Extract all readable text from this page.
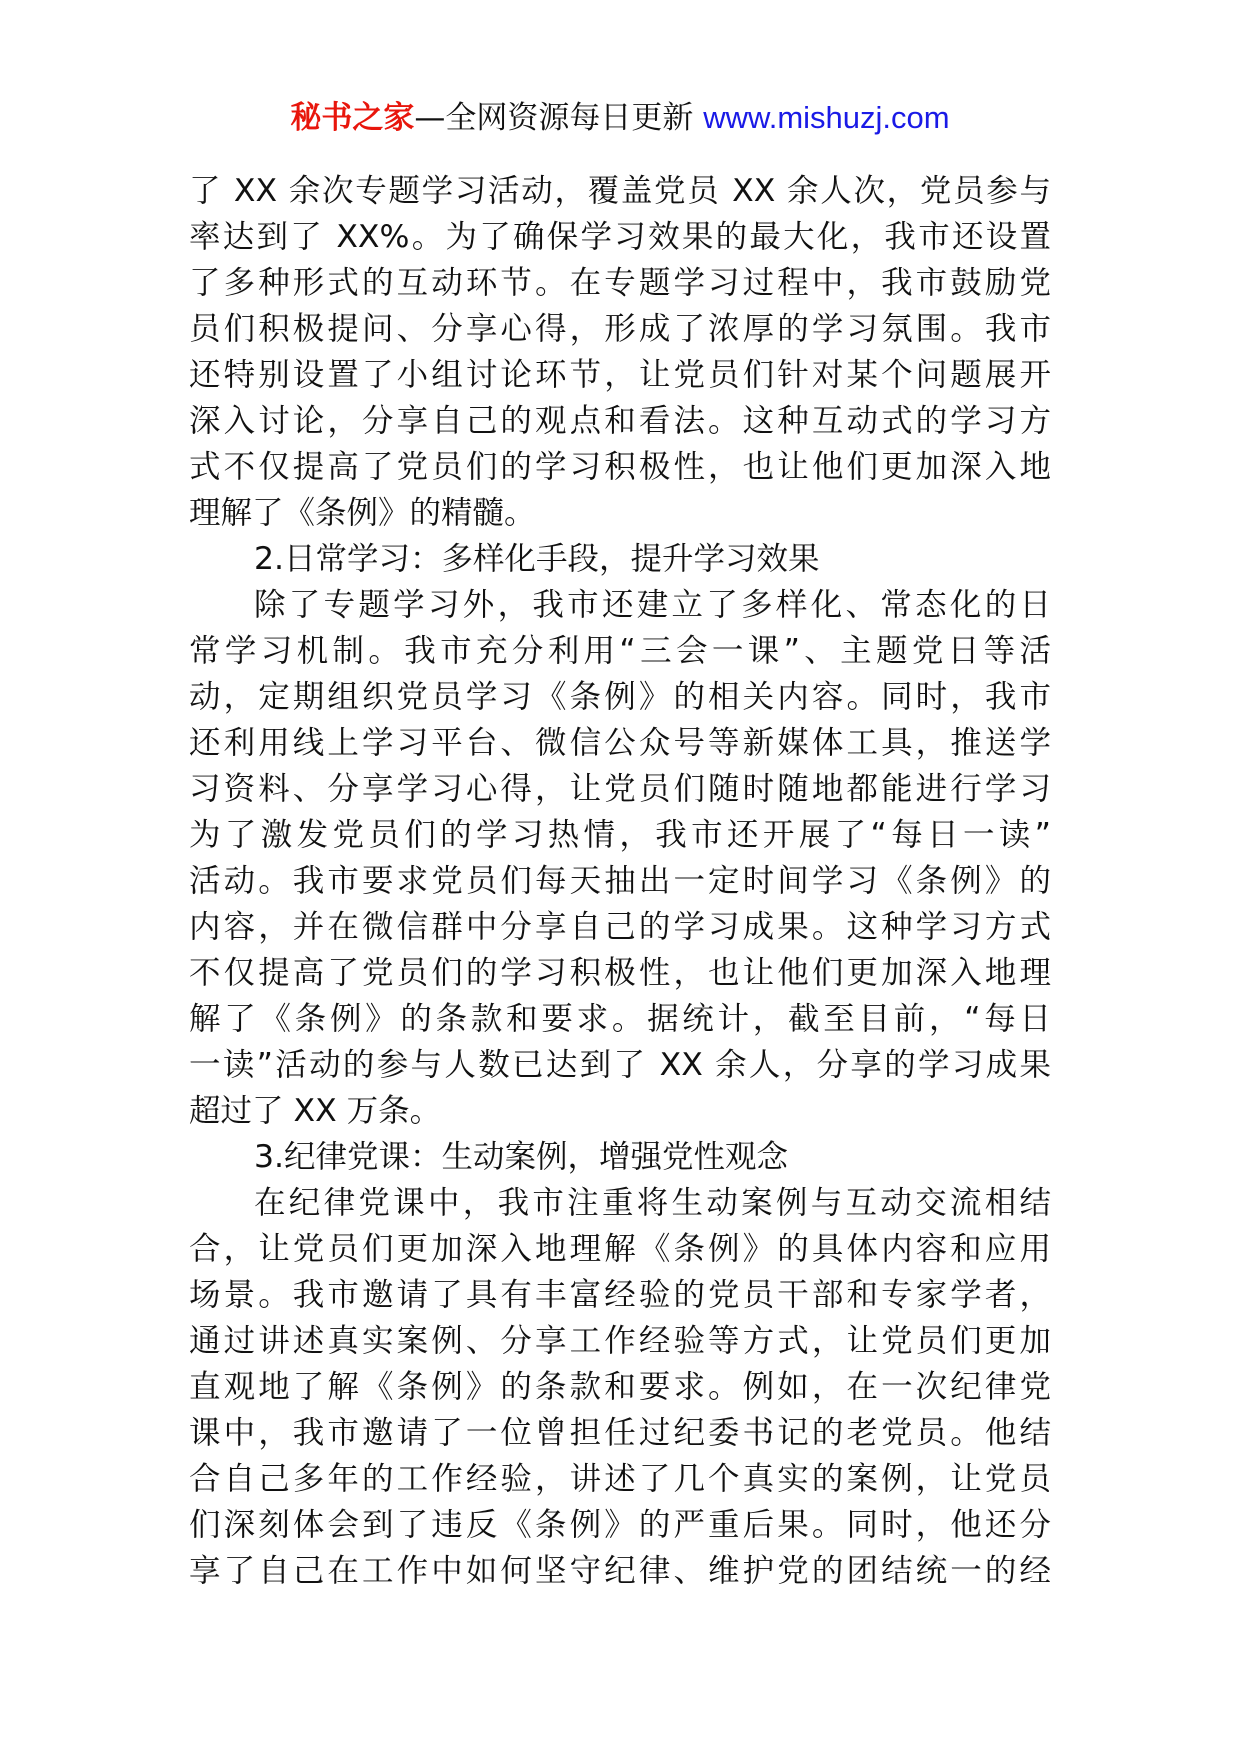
秘书之家—全网资源每日更新 www.mishuzj.com
了 XX 余次专题学习活动，覆盖党员 XX 余人次，党员参与
率达到了 XX%。为了确保学习效果的最大化，我市还设置
了多种形式的互动环节。在专题学习过程中，我市鼓励党
员们积极提问、分享心得，形成了浓厚的学习氛围。我市
还特别设置了小组讨论环节，让党员们针对某个问题展开
深入讨论，分享自己的观点和看法。这种互动式的学习方
式不仅提高了党员们的学习积极性，也让他们更加深入地
理解了《条例》的精髓。
2.日常学习：多样化手段，提升学习效果
除了专题学习外，我市还建立了多样化、常态化的日
常学习机制。我市充分利用“三会一课”、主题党日等活
动，定期组织党员学习《条例》的相关内容。同时，我市
还利用线上学习平台、微信公众号等新媒体工具，推送学
习资料、分享学习心得，让党员们随时随地都能进行学习
为了激发党员们的学习热情，我市还开展了“每日一读”
活动。我市要求党员们每天抽出一定时间学习《条例》的
内容，并在微信群中分享自己的学习成果。这种学习方式
不仅提高了党员们的学习积极性，也让他们更加深入地理
解了《条例》的条款和要求。据统计，截至目前，“每日
一读”活动的参与人数已达到了 XX 余人，分享的学习成果
超过了 XX 万条。
3.纪律党课：生动案例，增强党性观念
在纪律党课中，我市注重将生动案例与互动交流相结
合，让党员们更加深入地理解《条例》的具体内容和应用
场景。我市邀请了具有丰富经验的党员干部和专家学者，
通过讲述真实案例、分享工作经验等方式，让党员们更加
直观地了解《条例》的条款和要求。例如，在一次纪律党
课中，我市邀请了一位曾担任过纪委书记的老党员。他结
合自己多年的工作经验，讲述了几个真实的案例，让党员
们深刻体会到了违反《条例》的严重后果。同时，他还分
享了自己在工作中如何坚守纪律、维护党的团结统一的经
